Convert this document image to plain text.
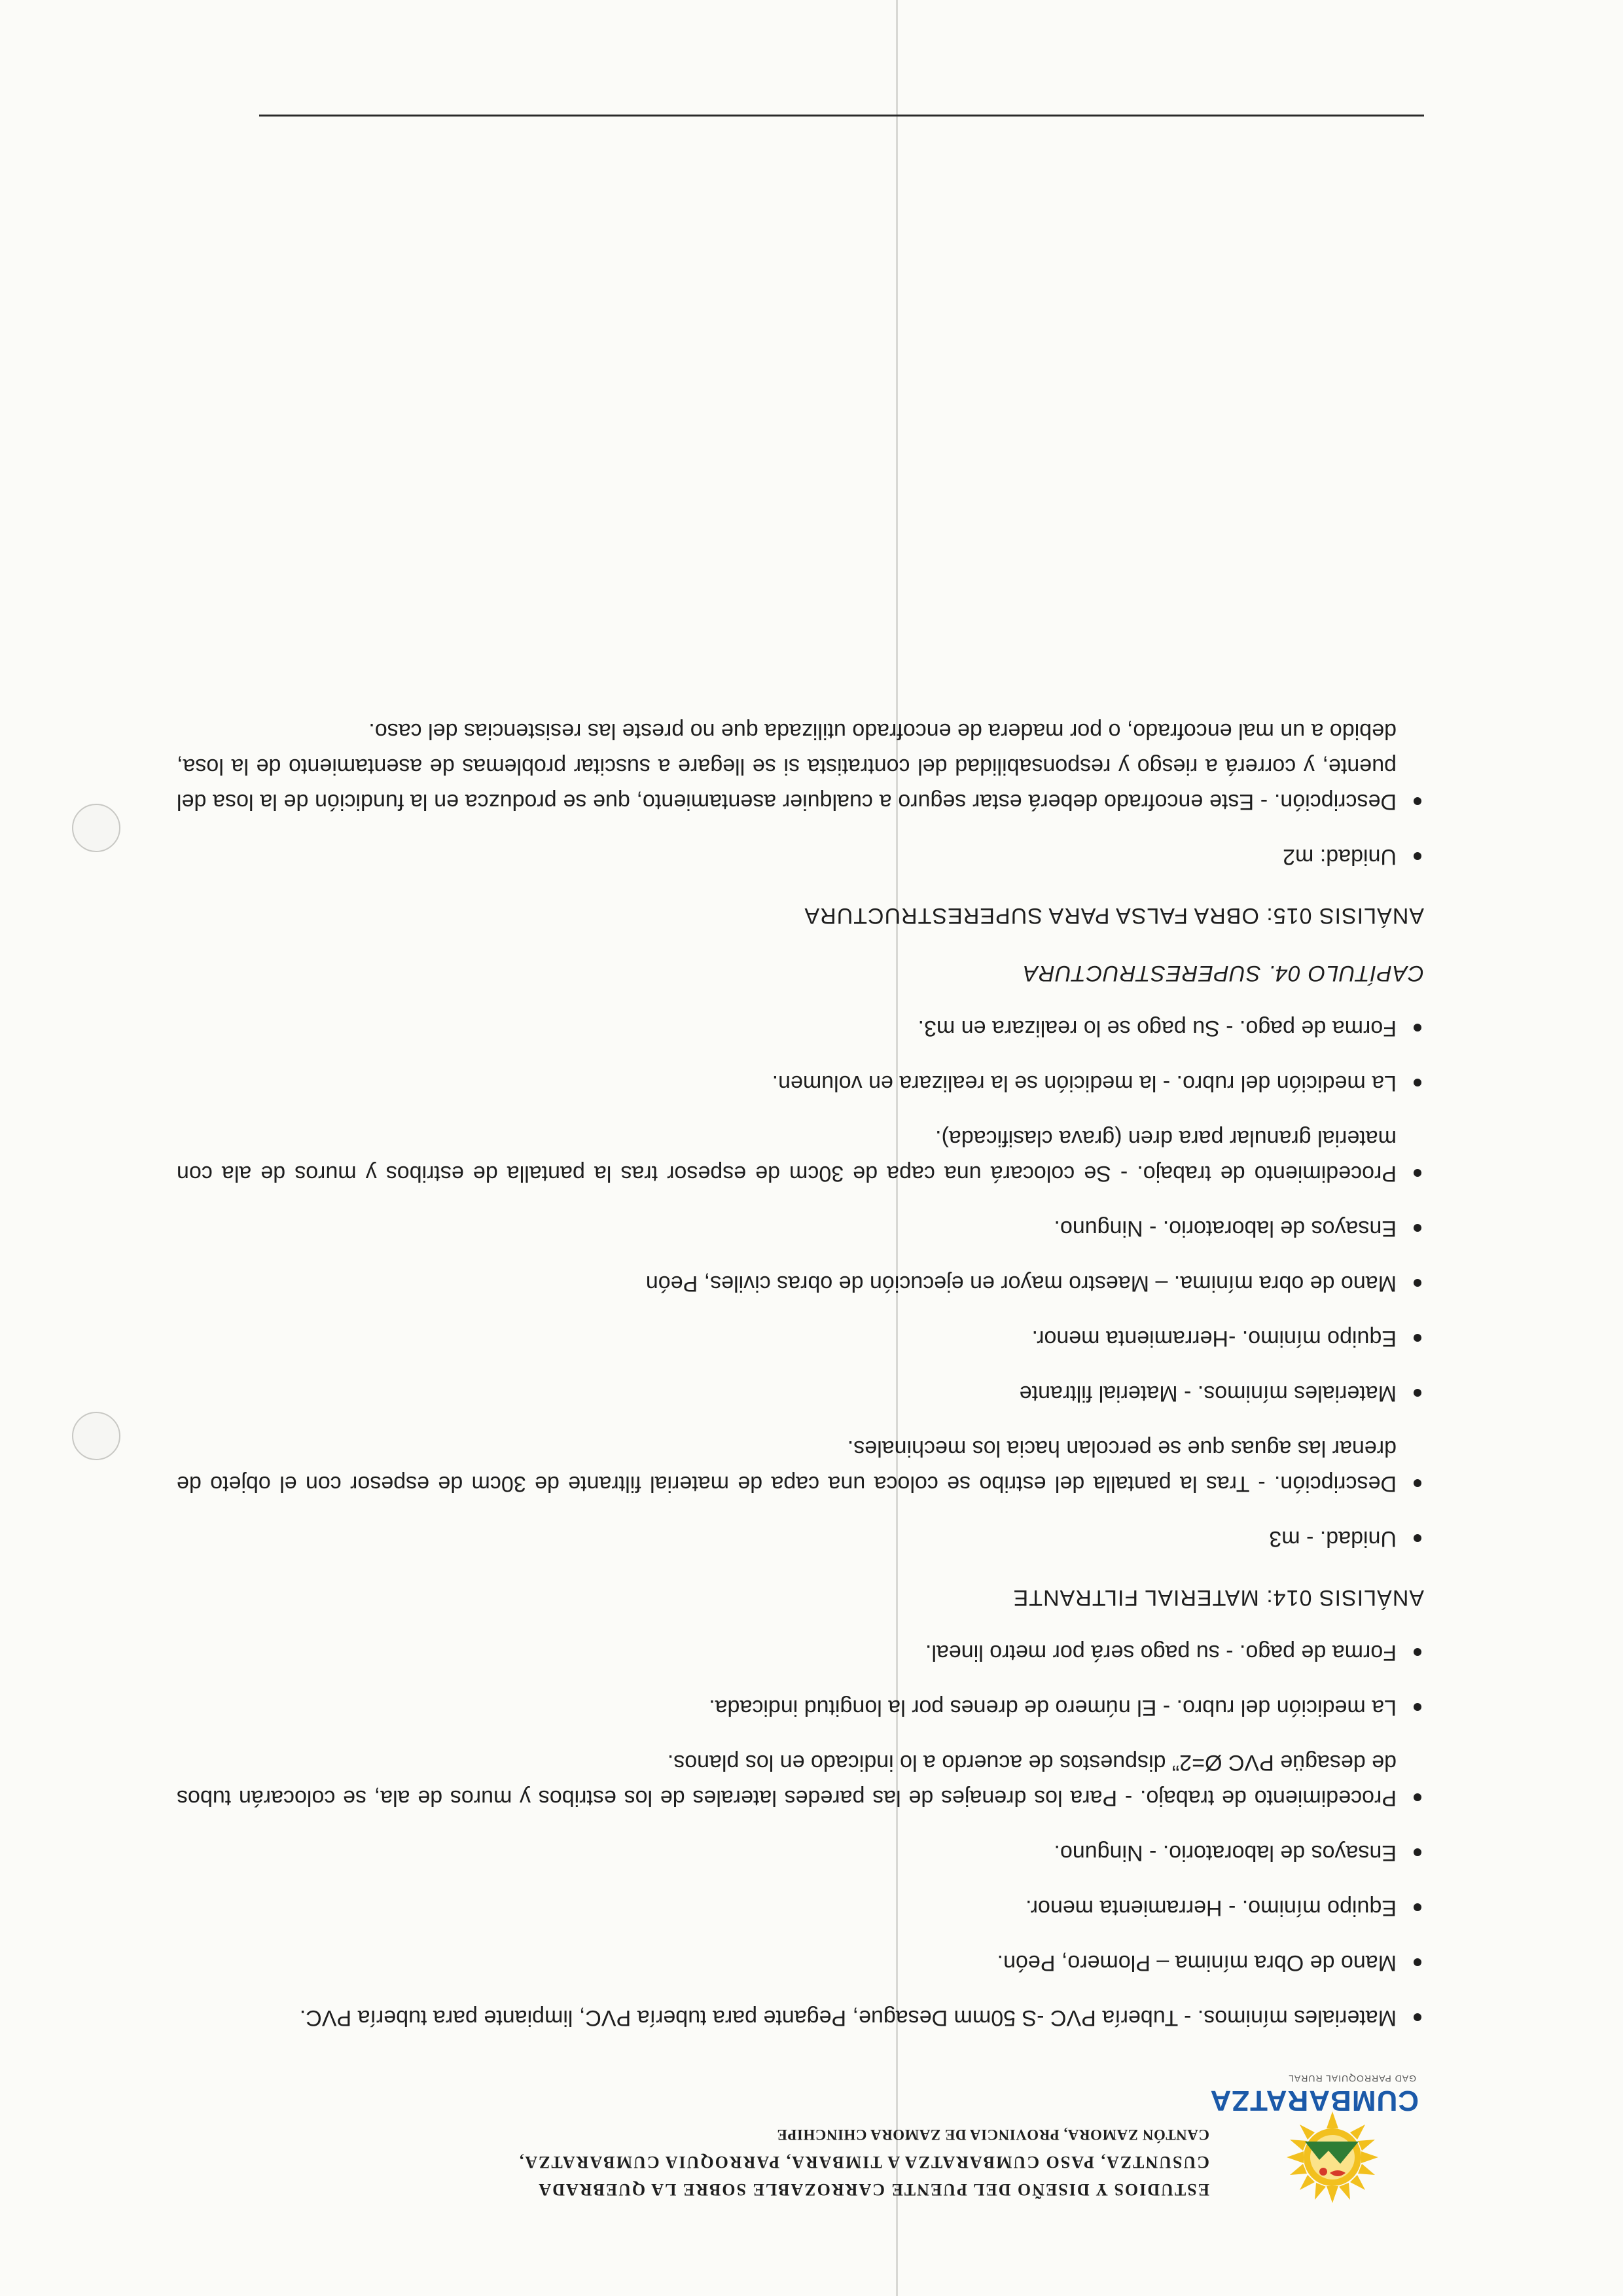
CUMBARATZA
GAD PARROQUIAL RURAL
ESTUDIOS Y DISEÑO DEL PUENTE CARROZABLE SOBRE LA QUEBRADA
CUSUNTZA, PASO CUMBARATZA A TIMBARA, PARROQUIA CUMBARATZA,
CANTÓN ZAMORA, PROVINCIA DE ZAMORA CHINCHIPE
Materiales mínimos. - Tubería PVC -S 50mm Desague, Pegante para tubería PVC, limpiante para tubería PVC.
Mano de Obra mínima – Plomero, Peón.
Equipo mínimo. - Herramienta menor.
Ensayos de laboratorio. - Ninguno.
Procedimiento de trabajo. - Para los drenajes de las paredes laterales de los estribos y muros de ala, se colocarán tubos de desagüe PVC Ø=2” dispuestos de acuerdo a lo indicado en los planos.
La medición del rubro. - El número de drenes por la longitud indicada.
Forma de pago. - su pago será por metro lineal.
ANÁLISIS 014: MATERIAL FILTRANTE
Unidad. - m3
Descripción. - Tras la pantalla del estribo se coloca una capa de material filtrante de 30cm de espesor con el objeto de drenar las aguas que se percolan hacia los mechinales.
Materiales mínimos. - Material filtrante
Equipo mínimo. -Herramienta menor.
Mano de obra mínima. – Maestro mayor en ejecución de obras civiles, Peón
Ensayos de laboratorio. - Ninguno.
Procedimiento de trabajo. - Se colocará una capa de 30cm de espesor tras la pantalla de estribos y muros de ala con material granular para dren (grava clasificada).
La medición del rubro. - la medición se la realizara en volumen.
Forma de pago. - Su pago se lo realizara en m3.
CAPÍTULO 04. SUPERESTRUCTURA
ANÁLISIS 015: OBRA FALSA PARA SUPERESTRUCTURA
Unidad: m2
Descripción. - Este encofrado deberá estar seguro a cualquier asentamiento, que se produzca en la fundición de la losa del puente, y correrá a riesgo y responsabilidad del contratista si se llegare a suscitar problemas de asentamiento de la losa, debido a un mal encofrado, o por madera de encofrado utilizada que no preste las resistencias del caso.
